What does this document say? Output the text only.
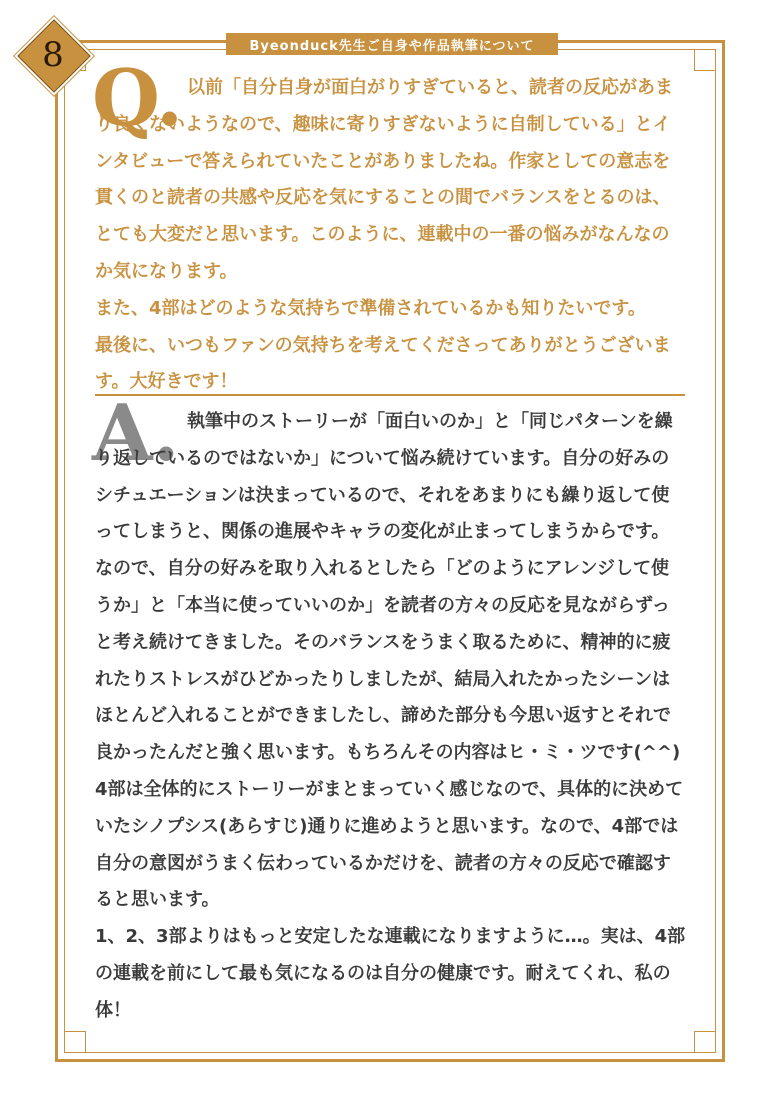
8	Byeonduck先生ご自身や作品執筆について
Q. 以前「自分自身が面白がりすぎていると、読者の反応があまり良くないようなので、趣味に寄りすぎないように自制している」とインタビューで答えられていたことがありましたね。作家としての意志を貫くのと読者の共感や反応を気にすることの間でバランスをとるのは、とても大変だと思います。このように、連載中の一番の悩みがなんなのか気になります。

また、4部はどのような気持ちで準備されているかも知りたいです。

最後に、いつもファンの気持ちを考えてくださってありがとうございます。大好きです！

A. 執筆中のストーリーが「面白いのか」と「同じパターンを繰り返しているのではないか」について悩み続けています。自分の好みのシチュエーションは決まっているので、それをあまりにも繰り返して使ってしまうと、関係の進展やキャラの変化が止まってしまうからです。なので、自分の好みを取り入れるとしたら「どのようにアレンジして使うか」と「本当に使っていいのか」を読者の方々の反応を見ながらずっと考え続けてきました。そのバランスをうまく取るために、精神的に疲れたりストレスがひどかったりしましたが、結局入れたかったシーンはほとんど入れることができましたし、諦めた部分も今思い返すとそれで良かったんだと強く思います。もちろんその内容はヒ・ミ・ツです(^^)

4部は全体的にストーリーがまとまっていく感じなので、具体的に決めていたシノプシス(あらすじ)通りに進めようと思います。なので、4部では自分の意図がうまく伝わっているかだけを、読者の方々の反応で確認すると思います。

1、2、3部よりはもっと安定したな連載になりますように…。実は、4部の連載を前にして最も気になるのは自分の健康です。耐えてくれ、私の体！
